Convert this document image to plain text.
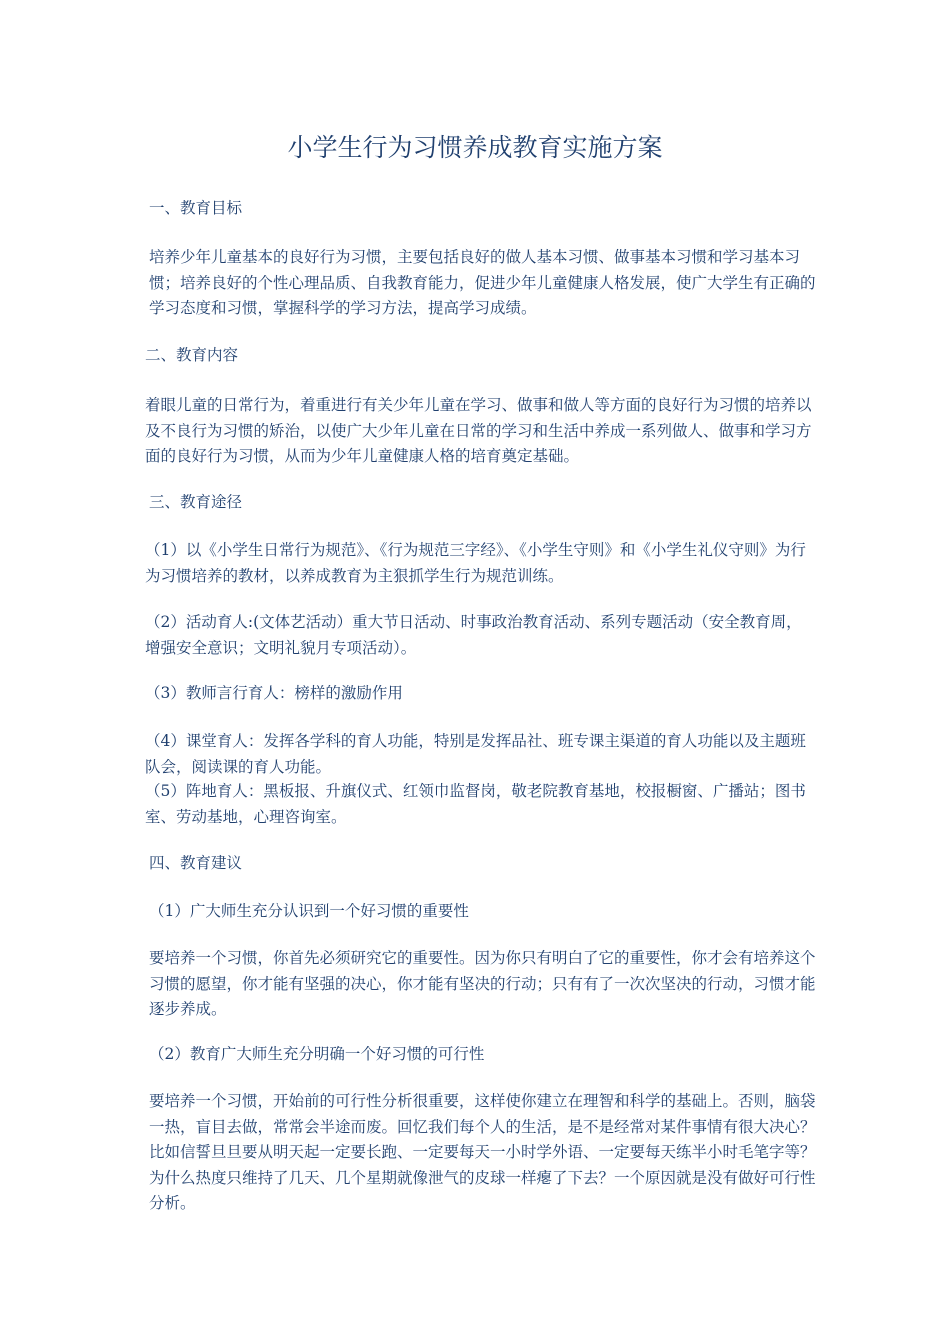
小学生行为习惯养成教育实施方案

一、教育目标

培养少年儿童基本的良好行为习惯，主要包括良好的做人基本习惯、做事基本习惯和学习基本习惯；培养良好的个性心理品质、自我教育能力，促进少年儿童健康人格发展，使广大学生有正确的学习态度和习惯，掌握科学的学习方法，提高学习成绩。

二、教育内容

着眼儿童的日常行为，着重进行有关少年儿童在学习、做事和做人等方面的良好行为习惯的培养以及不良行为习惯的矫治，以使广大少年儿童在日常的学习和生活中养成一系列做人、做事和学习方面的良好行为习惯，从而为少年儿童健康人格的培育奠定基础。

三、教育途径

（1）以《小学生日常行为规范》、《行为规范三字经》、《小学生守则》和《小学生礼仪守则》为行为习惯培养的教材，以养成教育为主狠抓学生行为规范训练。

（2）活动育人:(文体艺活动）重大节日活动、时事政治教育活动、系列专题活动（安全教育周，增强安全意识；文明礼貌月专项活动）。

（3）教师言行育人：榜样的激励作用

（4）课堂育人：发挥各学科的育人功能，特别是发挥品社、班专课主渠道的育人功能以及主题班队会，阅读课的育人功能。

（5）阵地育人：黑板报、升旗仪式、红领巾监督岗，敬老院教育基地，校报橱窗、广播站；图书室、劳动基地，心理咨询室。

四、教育建议

（1）广大师生充分认识到一个好习惯的重要性

要培养一个习惯，你首先必须研究它的重要性。因为你只有明白了它的重要性，你才会有培养这个习惯的愿望，你才能有坚强的决心，你才能有坚决的行动；只有有了一次次坚决的行动，习惯才能逐步养成。

（2）教育广大师生充分明确一个好习惯的可行性

要培养一个习惯，开始前的可行性分析很重要，这样使你建立在理智和科学的基础上。否则，脑袋一热，盲目去做，常常会半途而废。回忆我们每个人的生活，是不是经常对某件事情有很大决心？比如信誓旦旦要从明天起一定要长跑、一定要每天一小时学外语、一定要每天练半小时毛笔字等？为什么热度只维持了几天、几个星期就像泄气的皮球一样瘪了下去？一个原因就是没有做好可行性分析。
